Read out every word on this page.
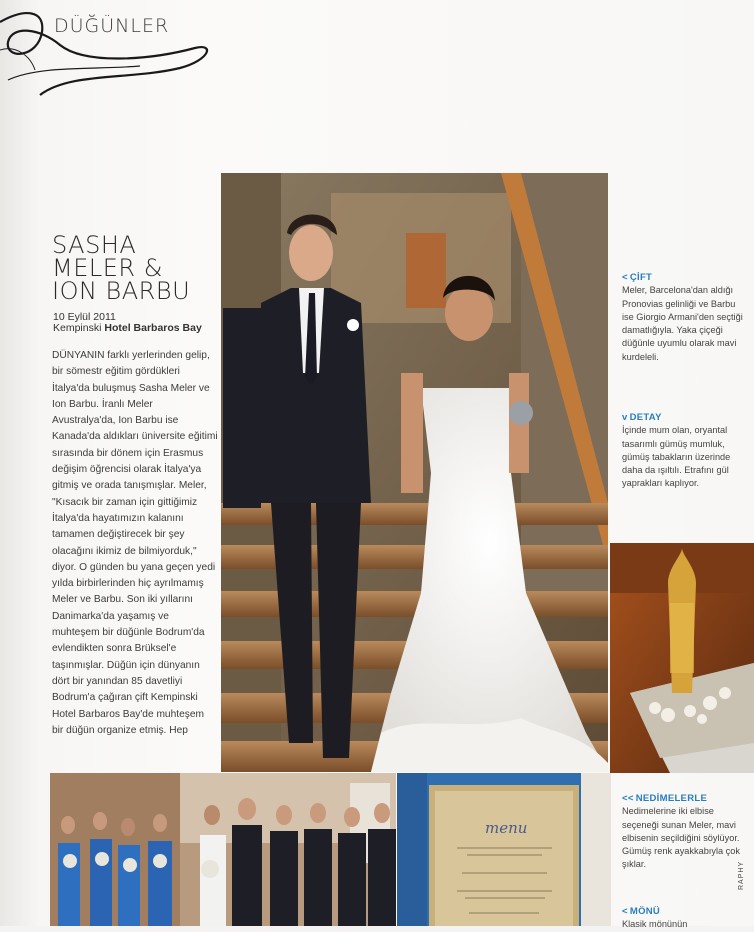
DÜĞÜNLER
SASHA
MELER &
ION BARBU
10 Eylül 2011
Kempinski Hotel Barbaros Bay

DÜNYANIN farklı yerlerinden gelip, bir sömestr eğitim gördükleri İtalya'da buluşmuş Sasha Meler ve Ion Barbu. İranlı Meler Avustralya'da, Ion Barbu ise Kanada'da aldıkları üniversite eğitimi sırasında bir dönem için Erasmus değişim öğrencisi olarak İtalya'ya gitmiş ve orada tanışmışlar. Meler, "Kısacık bir zaman için gittiğimiz İtalya'da hayatımızın kalanını tamamen değiştirecek bir şey olacağını ikimiz de bilmiyorduk," diyor. O günden bu yana geçen yedi yılda birbirlerinden hiç ayrılmamış Meler ve Barbu. Son iki yıllarını Danimarka'da yaşamış ve muhteşem bir düğünle Bodrum'da evlendikten sonra Brüksel'e taşınmışlar. Düğün için dünyanın dört bir yanından 85 davetliyi Bodrum'a çağıran çift Kempinski Hotel Barbaros Bay'de muhteşem bir düğün organize etmiş. Hep

< ÇİFT
Meler, Barcelona'dan aldığı Pronovias gelinliği ve Barbu ise Giorgio Armani'den seçtiği damatlığıyla. Yaka çiçeği düğünle uyumlu olarak mavi kurdeleli.
v DETAY
İçinde mum olan, oryantal tasarımlı gümüş mumluk, gümüş tabakların üzerinde daha da ışıltılı. Etrafını gül yaprakları kaplıyor.
<< NEDİMELERLE
Nedimelerine iki elbise seçeneği sunan Meler, mavi elbisenin seçildiğini söylüyor. Gümüş renk ayakkabıyla çok şıklar.
< MÖNÜ
Klasik mönünün
menu
RAPHY
